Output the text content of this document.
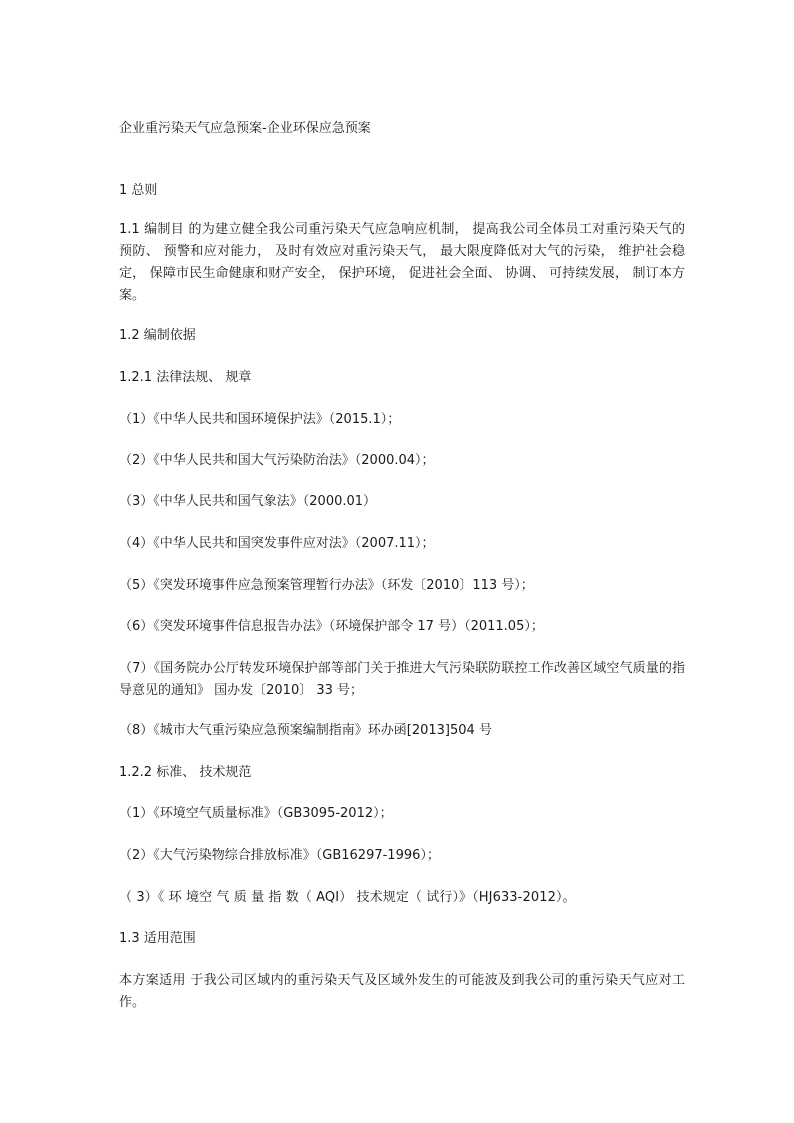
企业重污染天气应急预案-企业环保应急预案
1 总则
1.1 编制目 的为建立健全我公司重污染天气应急响应机制， 提高我公司全体员工对重污染天气的预防、 预警和应对能力， 及时有效应对重污染天气， 最大限度降低对大气的污染， 维护社会稳定， 保障市民生命健康和财产安全， 保护环境， 促进社会全面、 协调、 可持续发展， 制订本方案。
1.2 编制依据
1.2.1 法律法规、 规章
（1）《中华人民共和国环境保护法》（2015.1）；
（2）《中华人民共和国大气污染防治法》（2000.04）；
（3）《中华人民共和国气象法》（2000.01）
（4）《中华人民共和国突发事件应对法》（2007.11）；
（5）《突发环境事件应急预案管理暂行办法》（环发〔2010〕113 号）；
（6）《突发环境事件信息报告办法》（环境保护部令 17 号）（2011.05）；
（7）《国务院办公厅转发环境保护部等部门关于推进大气污染联防联控工作改善区域空气质量的指导意见的通知》 国办发〔2010〕 33 号；
（8）《城市大气重污染应急预案编制指南》环办函[2013]504 号
1.2.2 标准、 技术规范
（1）《环境空气质量标准》（GB3095-2012）；
（2）《大气污染物综合排放标准》（GB16297-1996）；
（ 3）《 环 境空 气 质 量 指 数（ AQI） 技术规定（ 试行）》（HJ633-2012）。
1.3 适用范围
本方案适用 于我公司区域内的重污染天气及区域外发生的可能波及到我公司的重污染天气应对工作。
